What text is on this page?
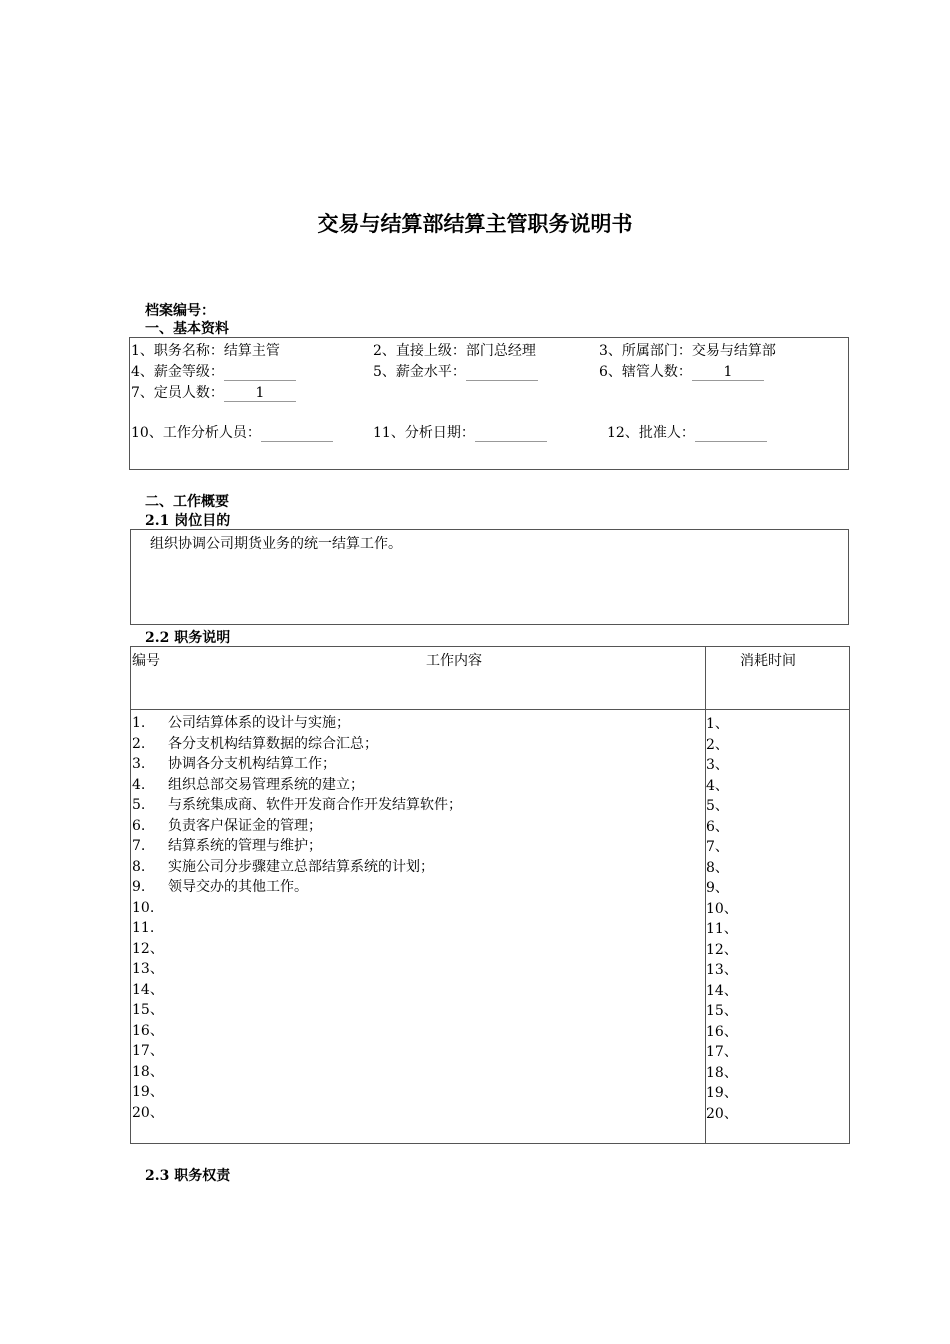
交易与结算部结算主管职务说明书
档案编号：
一、基本资料
1、职务名称：结算主管	2、直接上级：部门总经理	3、所属部门：交易与结算部
4、薪金等级：	5、薪金水平：	6、辖管人数： 1
7、定员人数： 1
10、工作分析人员：	11、分析日期：	12、批准人：
二、工作概要
2.1 岗位目的
组织协调公司期货业务的统一结算工作。
2.2 职务说明
编号	工作内容	消耗时间
1. 公司结算体系的设计与实施；	1、
2. 各分支机构结算数据的综合汇总；	2、
3. 协调各分支机构结算工作；	3、
4. 组织总部交易管理系统的建立；	4、
5. 与系统集成商、软件开发商合作开发结算软件；	5、
6. 负责客户保证金的管理；	6、
7. 结算系统的管理与维护；	7、
8. 实施公司分步骤建立总部结算系统的计划；	8、
9. 领导交办的其他工作。	9、
10.	10、
11.	11、
12、	12、
13、	13、
14、	14、
15、	15、
16、	16、
17、	17、
18、	18、
19、	19、
20、	20、
2.3 职务权责
